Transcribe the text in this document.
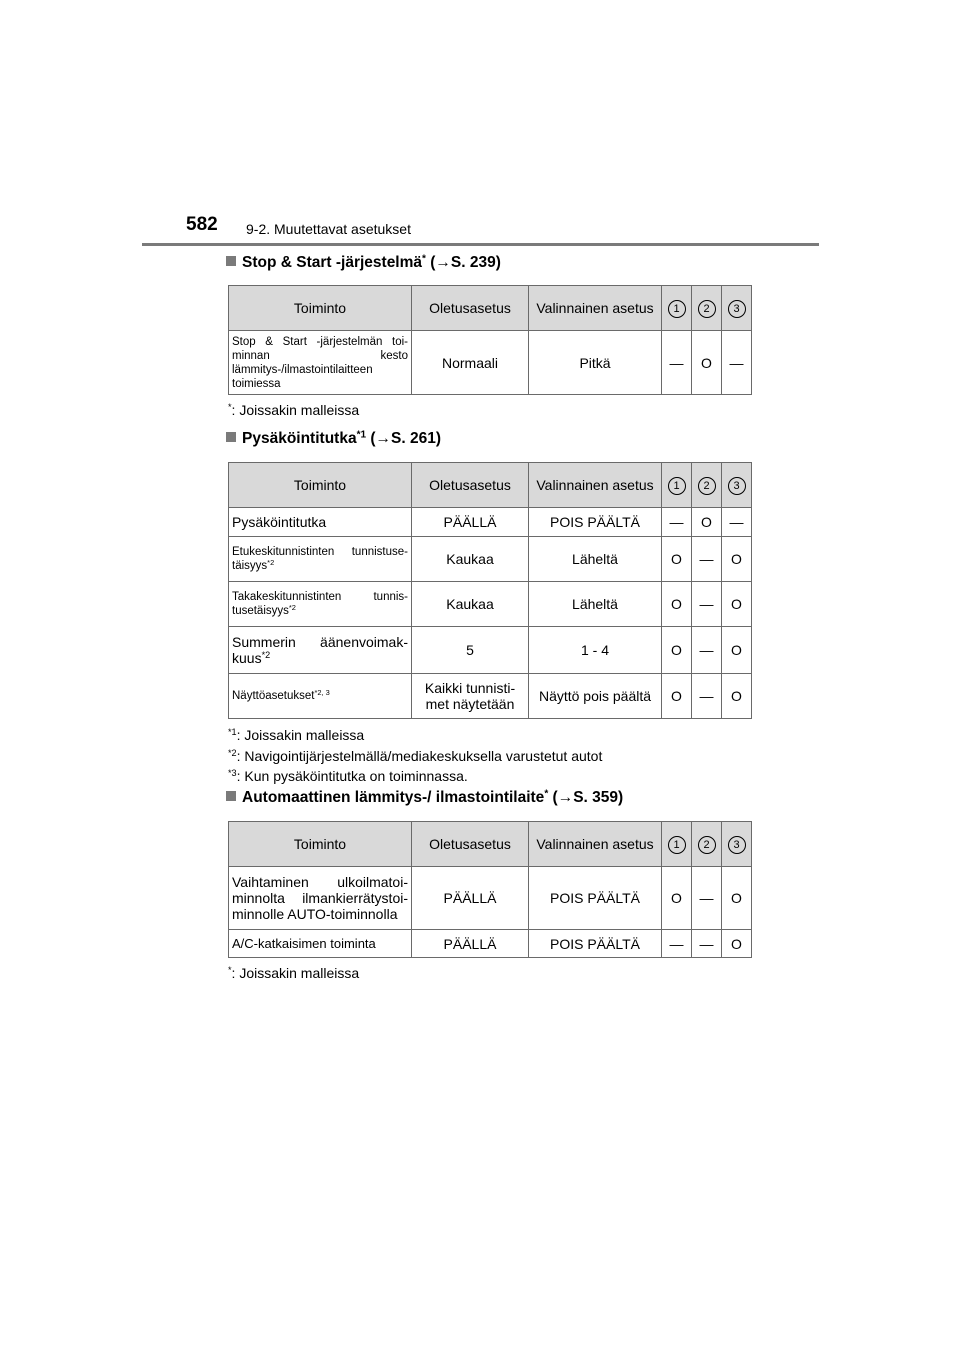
582 9-2. Muutettavat asetukset
Stop & Start -järjestelmä* (→S. 239)
Toiminto	Oletusasetus	Valinnainen asetus	1	2	3
Stop & Start -järjestelmän toi-minnan kesto lämmitys-/ilmastointilaitteen toimiessa	Normaali	Pitkä	—	O	—
*: Joissakin malleissa
Pysäköintitutka$^{*1}$ (→S. 261)
Toiminto	Oletusasetus	Valinnainen asetus	1	2	3
Pysäköintitutka	PÄÄLLÄ	POIS PÄÄLTÄ	—	O	—
Etukeskitunnistinten tunnistuse-täisyys$^{*2}$	Kaukaa	Läheltä	O	—	O
Takakeskitunnistinten tunnis-tusetäisyys$^{*2}$	Kaukaa	Läheltä	O	—	O
Summerin äänenvoimak-kuus$^{*2}$	5	1 - 4	O	—	O
Näyttöasetukset$^{*2, 3}$	Kaikki tunnisti-met näytetään	Näyttö pois päältä	O	—	O
$^{*1}$: Joissakin malleissa
$^{*2}$: Navigointijärjestelmällä/mediakeskuksella varustetut autot
$^{*3}$: Kun pysäköintitutka on toiminnassa.
Automaattinen lämmitys-/ ilmastointilaite* (→S. 359)
Toiminto	Oletusasetus	Valinnainen asetus	1	2	3
Vaihtaminen ulkoilmatoi-minnolta ilmankierrätystoi-minnolle AUTO-toiminnolla	PÄÄLLÄ	POIS PÄÄLTÄ	O	—	O
A/C-katkaisimen toiminta	PÄÄLLÄ	POIS PÄÄLTÄ	—	—	O
*: Joissakin malleissa
